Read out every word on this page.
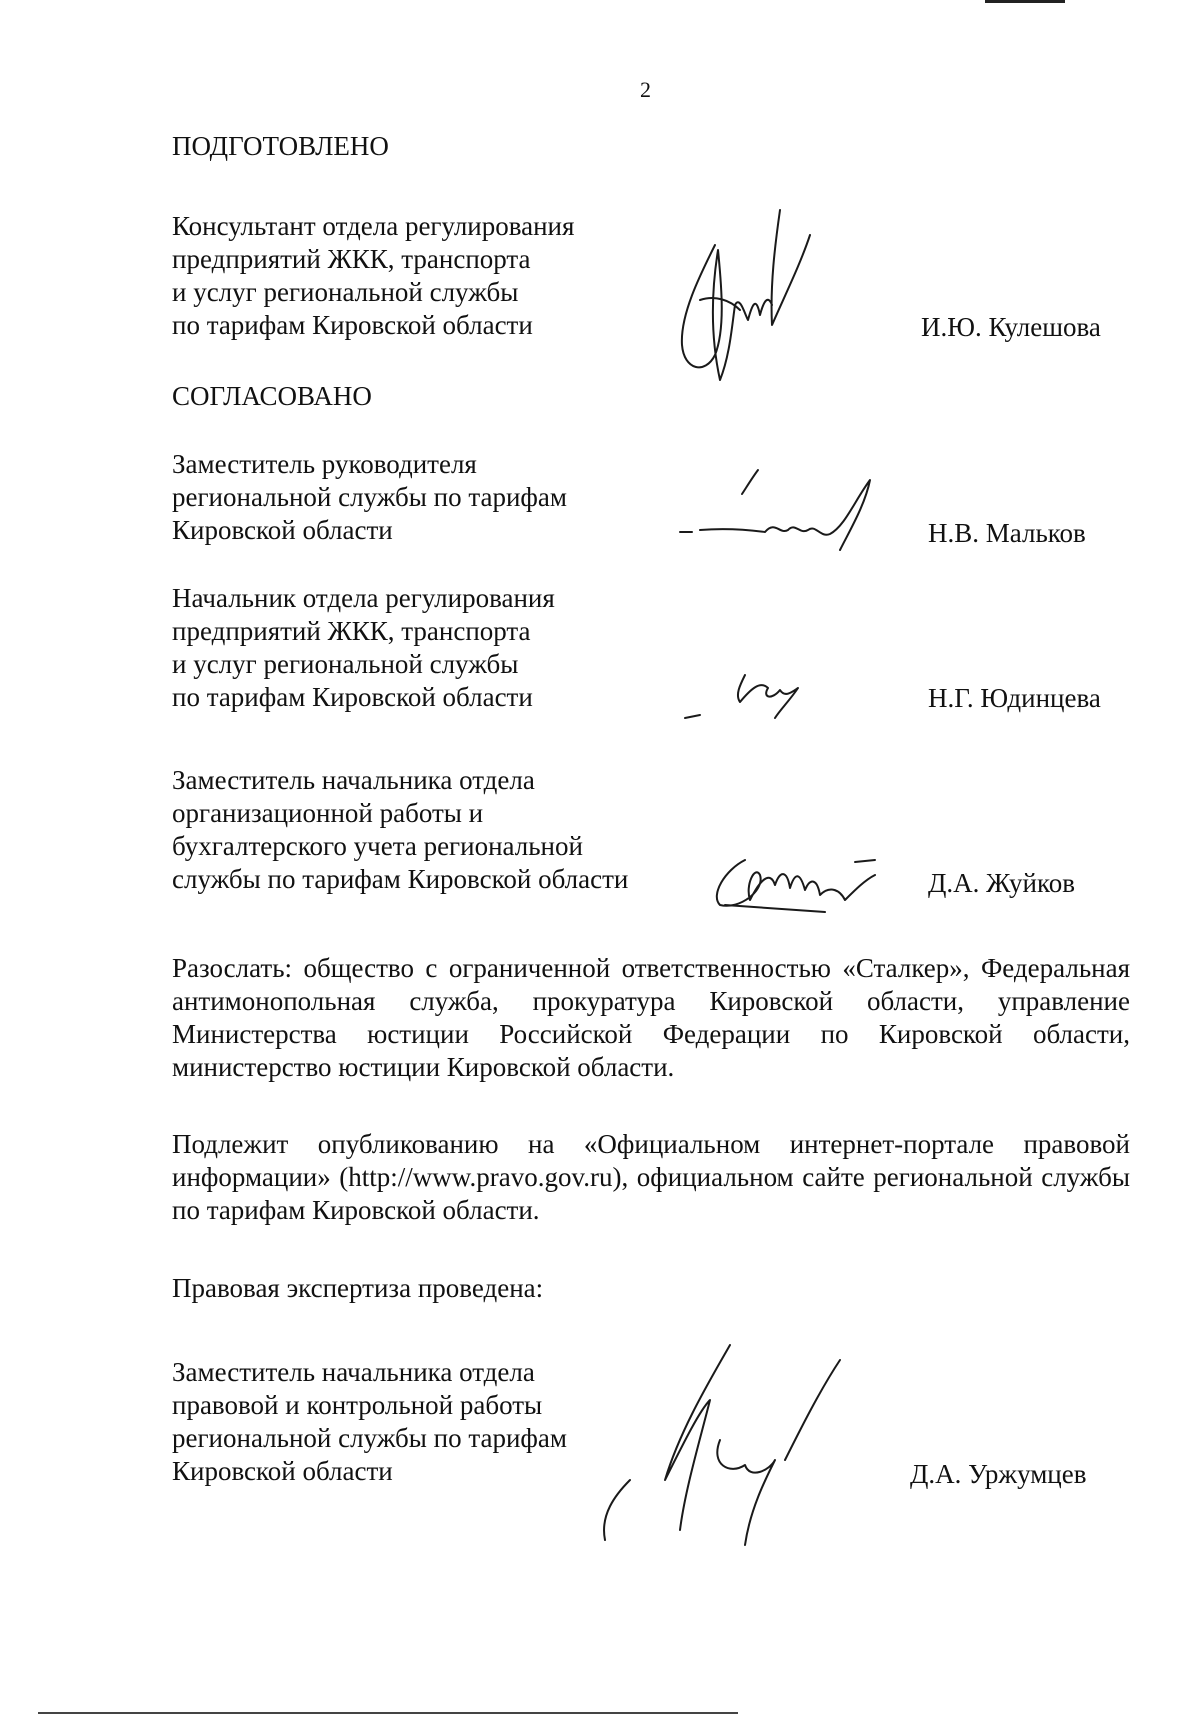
2

ПОДГОТОВЛЕНО

Консультант отдела регулирования

предприятий ЖКК, транспорта

и услуг региональной службы

по тарифам Кировской области	И.Ю. Кулешова

СОГЛАСОВАНО

Заместитель руководителя

региональной службы по тарифам

Кировской области	Н.В. Мальков

Начальник отдела регулирования

предприятий ЖКК, транспорта

и услуг региональной службы

по тарифам Кировской области	Н.Г. Юдинцева

Заместитель начальника отдела

организационной работы и

бухгалтерского учета региональной

службы по тарифам Кировской области	Д.А. Жуйков

Разослать: общество с ограниченной ответственностью «Сталкер», Федеральная антимонопольная служба, прокуратура Кировской области, управление Министерства юстиции Российской Федерации по Кировской области, министерство юстиции Кировской области.

Подлежит опубликованию на «Официальном интернет-портале правовой информации» (http://www.pravo.gov.ru), официальном сайте региональной службы по тарифам Кировской области.

Правовая экспертиза проведена:

Заместитель начальника отдела

правовой и контрольной работы

региональной службы по тарифам

Кировской области	Д.А. Уржумцев
